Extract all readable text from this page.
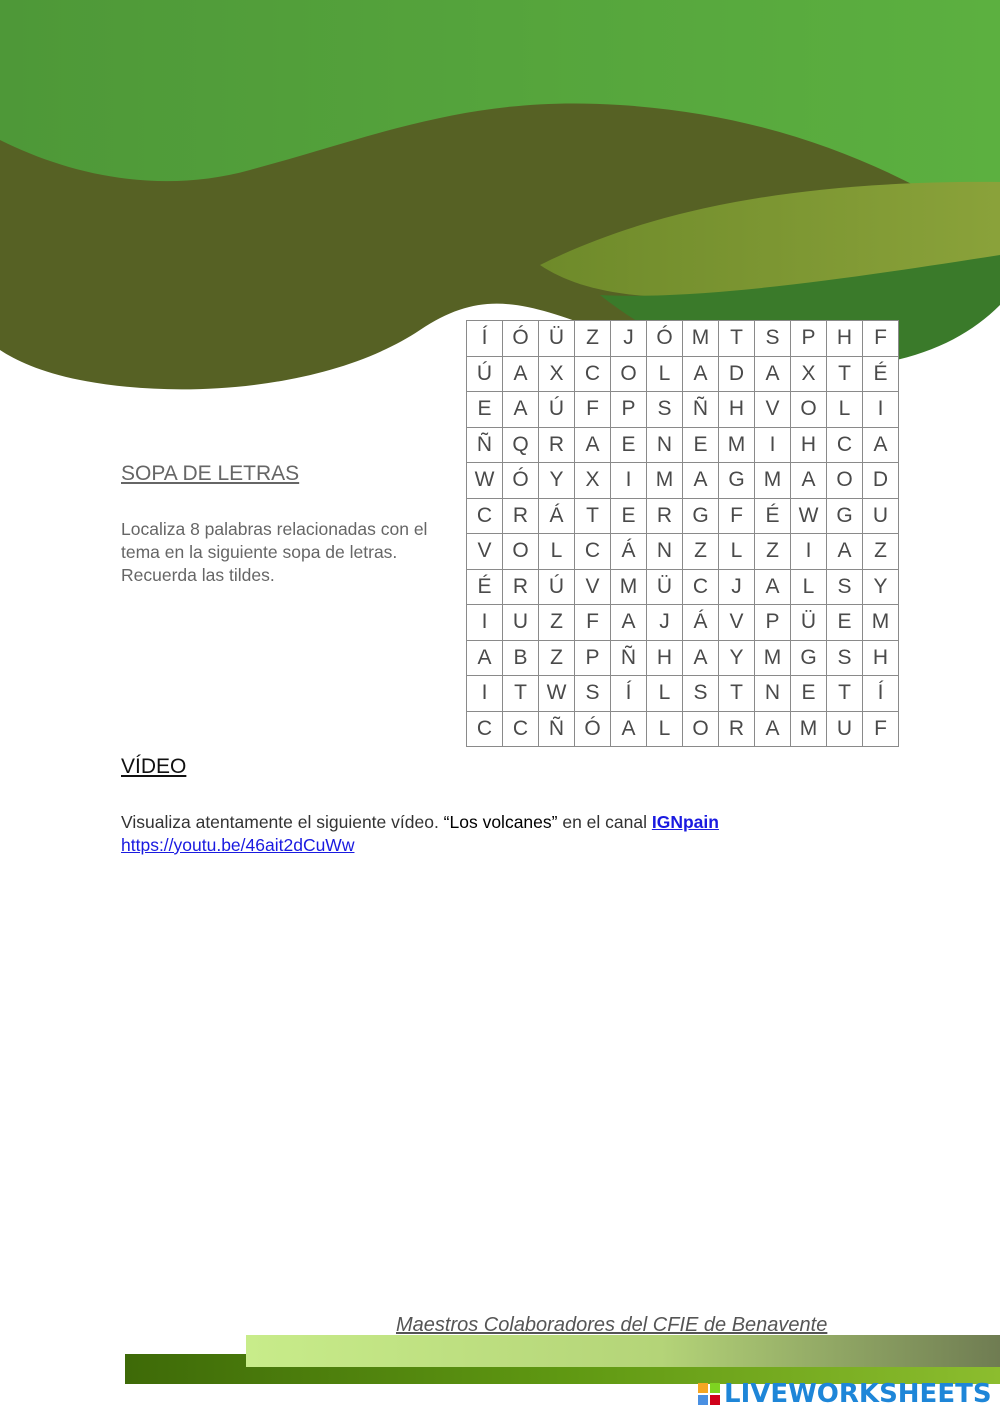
SOPA DE LETRAS

Localiza 8 palabras relacionadas con el tema en la siguiente sopa de letras. Recuerda las tildes.

Í	Ó	Ü	Z	J	Ó	M	T	S	P	H	F
Ú	A	X	C	O	L	A	D	A	X	T	É
E	A	Ú	F	P	S	Ñ	H	V	O	L	I
Ñ	Q	R	A	E	N	E	M	I	H	C	A
W	Ó	Y	X	I	M	A	G	M	A	O	D
C	R	Á	T	E	R	G	F	É	W	G	U
V	O	L	C	Á	N	Z	L	Z	I	A	Z
É	R	Ú	V	M	Ü	C	J	A	L	S	Y
I	U	Z	F	A	J	Á	V	P	Ü	E	M
A	B	Z	P	Ñ	H	A	Y	M	G	S	H
I	T	W	S	Í	L	S	T	N	E	T	Í
C	C	Ñ	Ó	A	L	O	R	A	M	U	F
VÍDEO

Visualiza atentamente el siguiente vídeo. “Los volcanes” en el canal IGNpain
https://youtu.be/46ait2dCuWw

Maestros Colaboradores del CFIE de Benavente

LIVEWORKSHEETS
